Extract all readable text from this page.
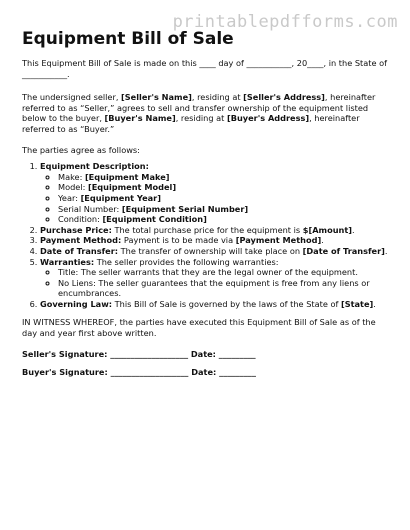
printablepdfforms.com
Equipment Bill of Sale

This Equipment Bill of Sale is made on this ____ day of ___________, 20____, in the State of
___________.

The undersigned seller, [Seller's Name], residing at [Seller's Address], hereinafter referred to as “Seller,” agrees to sell and transfer ownership of the equipment listed below to the buyer, [Buyer's Name], residing at [Buyer's Address], hereinafter referred to as “Buyer.”

The parties agree as follows:

1. Equipment Description:
◦ Make: [Equipment Make]
◦ Model: [Equipment Model]
◦ Year: [Equipment Year]
◦ Serial Number: [Equipment Serial Number]
◦ Condition: [Equipment Condition]
2. Purchase Price: The total purchase price for the equipment is $[Amount].
3. Payment Method: Payment is to be made via [Payment Method].
4. Date of Transfer: The transfer of ownership will take place on [Date of Transfer].
5. Warranties: The seller provides the following warranties:
◦ Title: The seller warrants that they are the legal owner of the equipment.
◦ No Liens: The seller guarantees that the equipment is free from any liens or encumbrances.
6. Governing Law: This Bill of Sale is governed by the laws of the State of [State].

IN WITNESS WHEREOF, the parties have executed this Equipment Bill of Sale as of the day and year first above written.

Seller's Signature: ___________________ Date: _________

Buyer's Signature: ___________________ Date: _________
